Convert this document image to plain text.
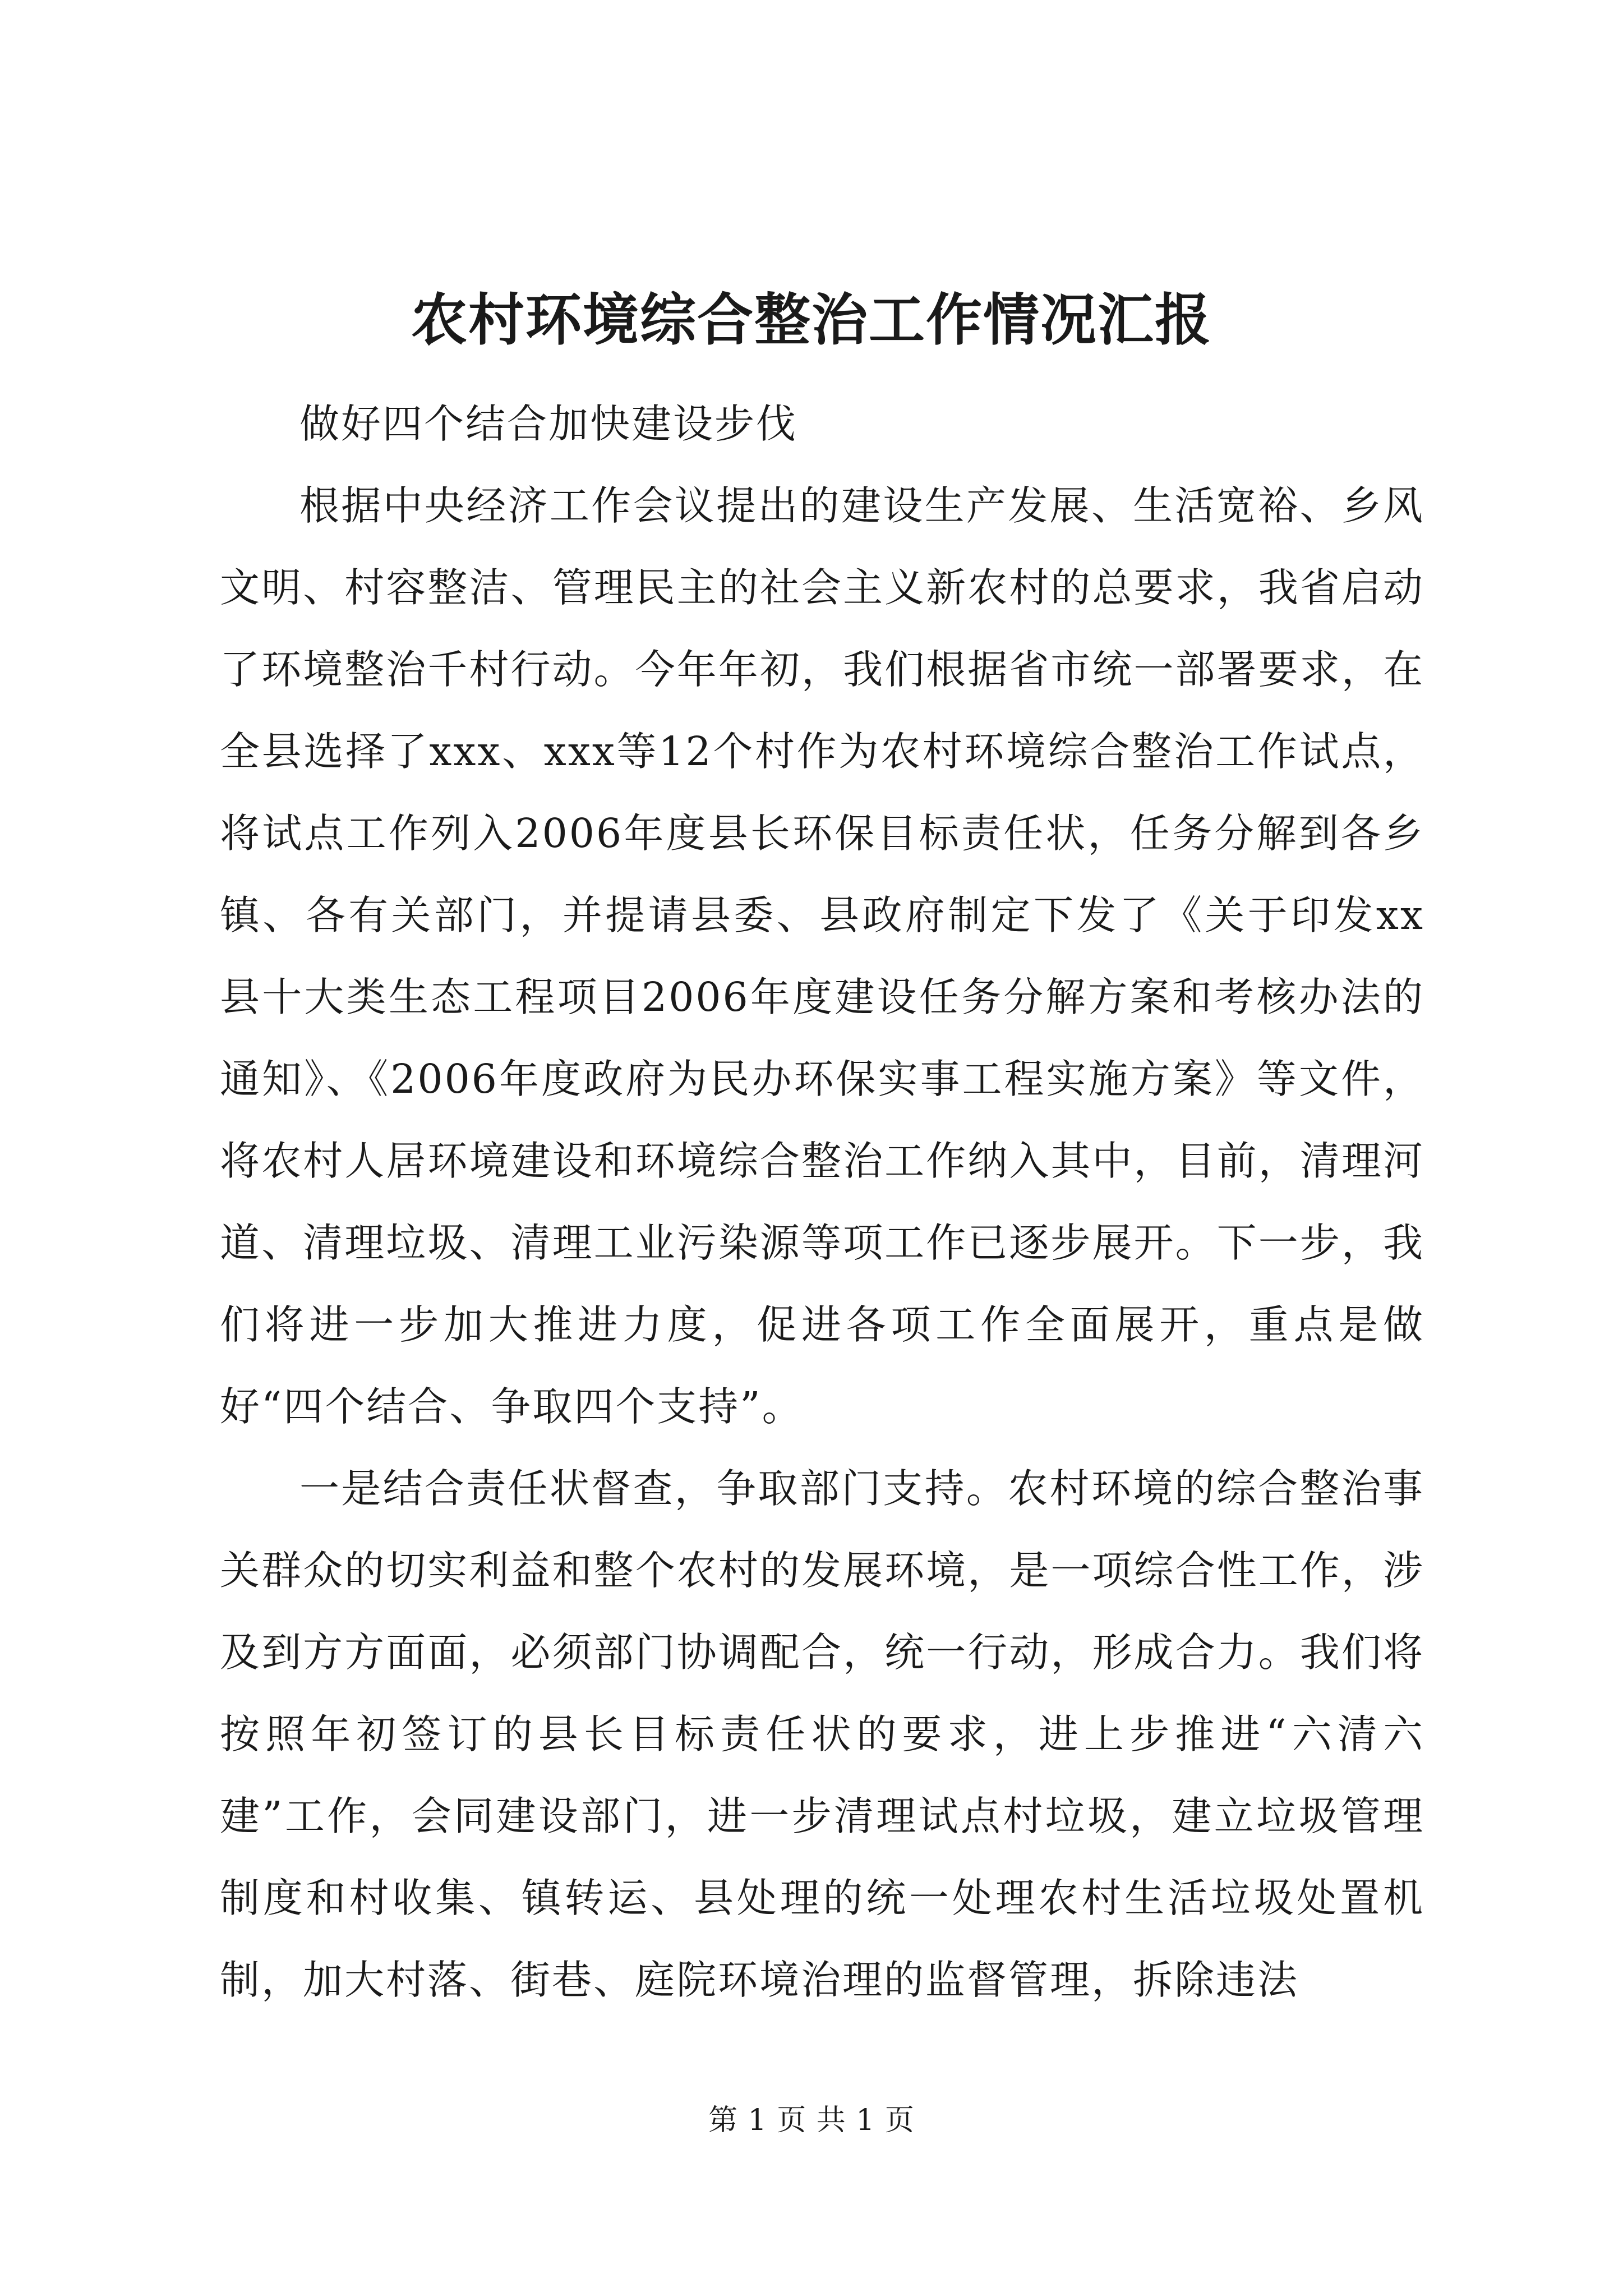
农村环境综合整治工作情况汇报

做好四个结合加快建设步伐

根据中央经济工作会议提出的建设生产发展、生活宽裕、乡风文明、村容整洁、管理民主的社会主义新农村的总要求，我省启动了环境整治千村行动。今年年初，我们根据省市统一部署要求，在全县选择了xxx、xxx等12个村作为农村环境综合整治工作试点，将试点工作列入2006年度县长环保目标责任状，任务分解到各乡镇、各有关部门，并提请县委、县政府制定下发了《关于印发xx县十大类生态工程项目2006年度建设任务分解方案和考核办法的通知》、《2006年度政府为民办环保实事工程实施方案》等文件，将农村人居环境建设和环境综合整治工作纳入其中，目前，清理河道、清理垃圾、清理工业污染源等项工作已逐步展开。下一步，我们将进一步加大推进力度，促进各项工作全面展开，重点是做好“四个结合、争取四个支持”。

一是结合责任状督查，争取部门支持。农村环境的综合整治事关群众的切实利益和整个农村的发展环境，是一项综合性工作，涉及到方方面面，必须部门协调配合，统一行动，形成合力。我们将按照年初签订的县长目标责任状的要求，进上步推进“六清六建”工作，会同建设部门，进一步清理试点村垃圾，建立垃圾管理制度和村收集、镇转运、县处理的统一处理农村生活垃圾处置机制，加大村落、街巷、庭院环境治理的监督管理，拆除违法

第 1 页 共 1 页
